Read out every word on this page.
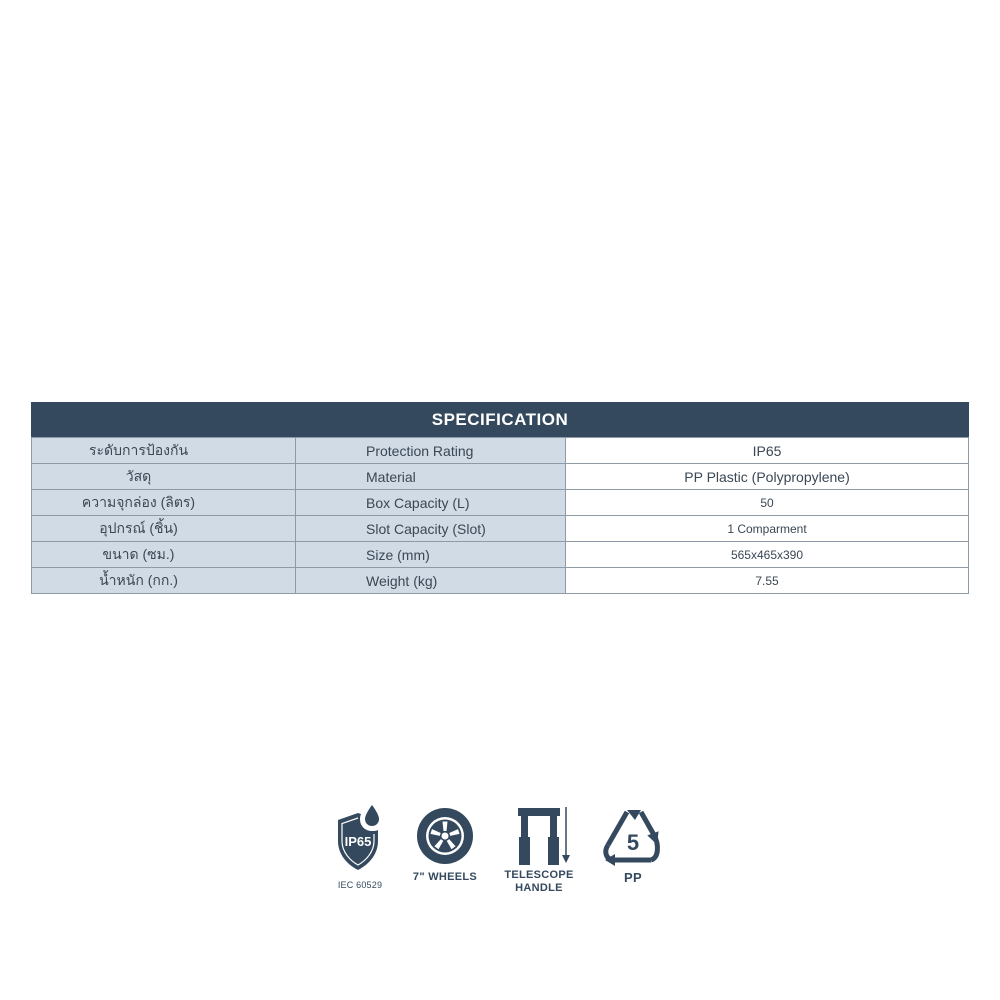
SPECIFICATION
ระดับการป้องกัน	Protection Rating	IP65
วัสดุ	Material	PP Plastic (Polypropylene)
ความจุกล่อง (ลิตร)	Box Capacity (L)	50
อุปกรณ์ (ชิ้น)	Slot Capacity (Slot)	1 Comparment
ขนาด (ซม.)	Size (mm)	565x465x390
น้ำหนัก (กก.)	Weight (kg)	7.55
IP65
IEC 60529
7" WHEELS	TELESCOPE
HANDLE
5
PP
